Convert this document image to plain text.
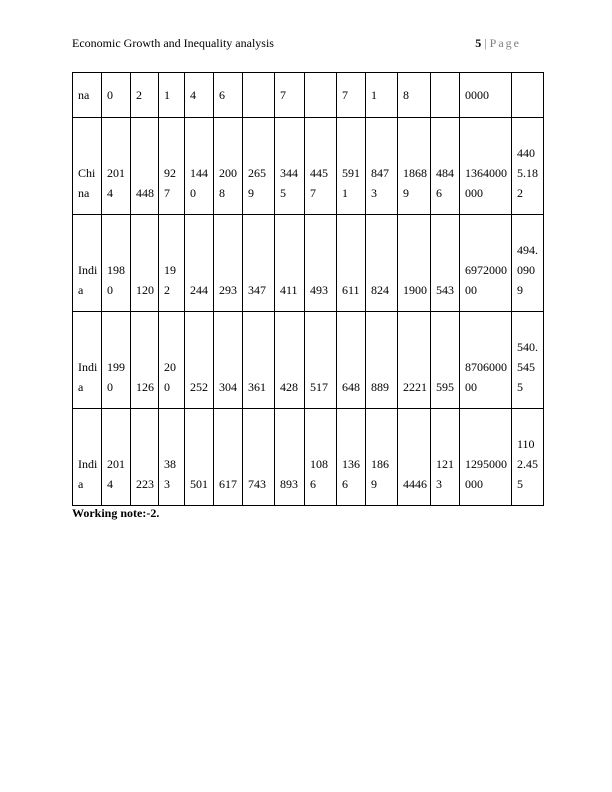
Economic Growth and Inequality analysis	5 | Page
na	0	2	1	4	6		7		7	1	8		0000	
China	2014	448	927	1440	2008	2659	3445	4457	5911	8473	18689	4846	1364000000	4405.182
India	1980	120	192	244	293	347	411	493	611	824	1900	543	697200000	494.0909
India	1990	126	200	252	304	361	428	517	648	889	2221	595	870600000	540.5455
India	2014	223	383	501	617	743	893	1086	1366	1869	4446	1213	1295000000	1102.455
Working note:-2.
